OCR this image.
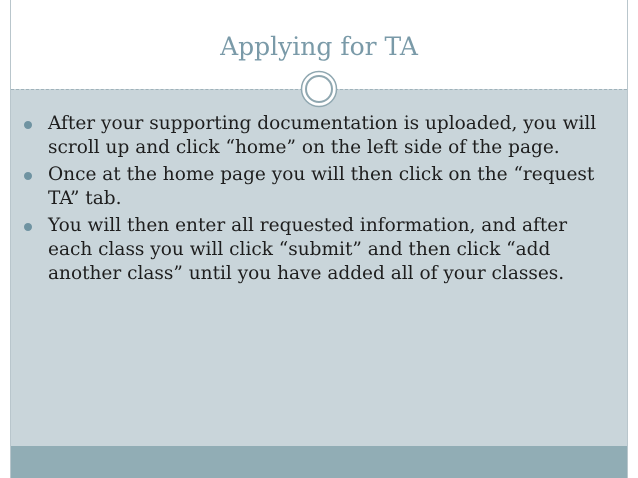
Applying for TA
After your supporting documentation is uploaded, you will scroll up and click “home” on the left side of the page.
Once at the home page you will then click on the “request TA” tab.
You will then enter all requested information, and after each class you will click “submit” and then click “add another class” until you have added all of your classes.
